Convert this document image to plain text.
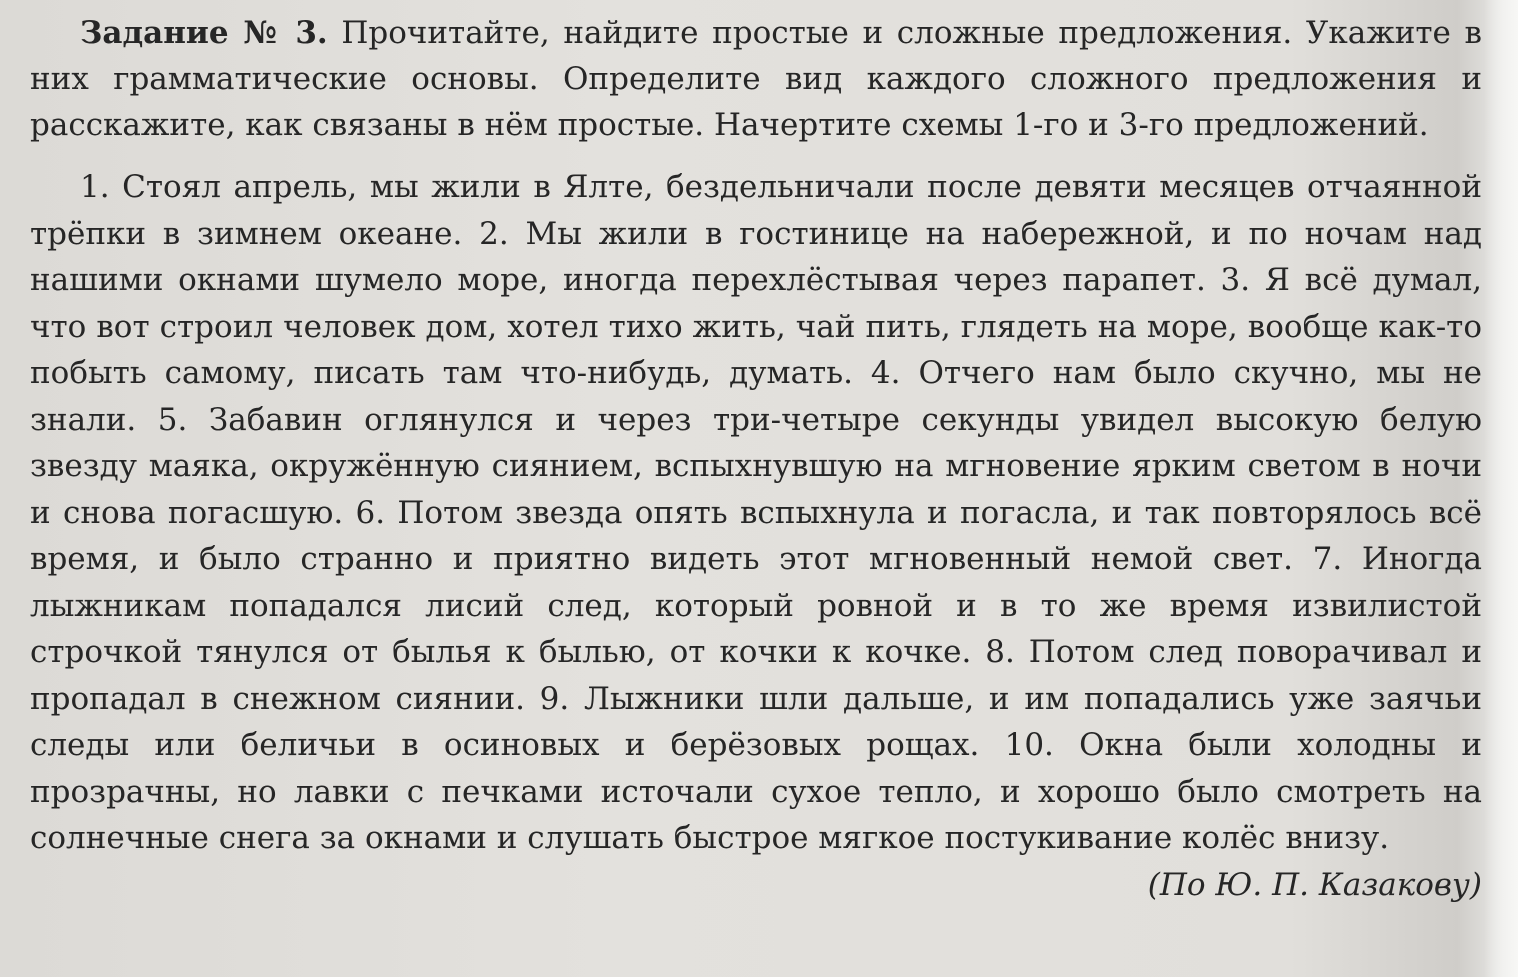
Задание № 3. Прочитайте, найдите простые и сложные предложения. Укажите в них грамматические основы. Определите вид каждого сложного предложения и расскажите, как связаны в нём простые. Начертите схемы 1-го и 3-го предложений.

1. Стоял апрель, мы жили в Ялте, бездельничали после девяти месяцев отчаянной трёпки в зимнем океане. 2. Мы жили в гостинице на набережной, и по ночам над нашими окнами шумело море, иногда перехлёстывая через парапет. 3. Я всё думал, что вот строил человек дом, хотел тихо жить, чай пить, глядеть на море, вообще как-то побыть самому, писать там что-нибудь, думать. 4. Отчего нам было скучно, мы не знали. 5. Забавин оглянулся и через три-четыре секунды увидел высокую белую звезду маяка, окружённую сиянием, вспыхнувшую на мгновение ярким светом в ночи и снова погасшую. 6. Потом звезда опять вспыхнула и погасла, и так повторялось всё время, и было странно и приятно видеть этот мгновенный немой свет. 7. Иногда лыжникам попадался лисий след, который ровной и в то же время извилистой строчкой тянулся от былья к былью, от кочки к кочке. 8. Потом след поворачивал и пропадал в снежном сиянии. 9. Лыжники шли дальше, и им попадались уже заячьи следы или беличьи в осиновых и берёзовых рощах. 10. Окна были холодны и прозрачны, но лавки с печками источали сухое тепло, и хорошо было смотреть на солнечные снега за окнами и слушать быстрое мягкое постукивание колёс внизу.

(По Ю. П. Казакову)
